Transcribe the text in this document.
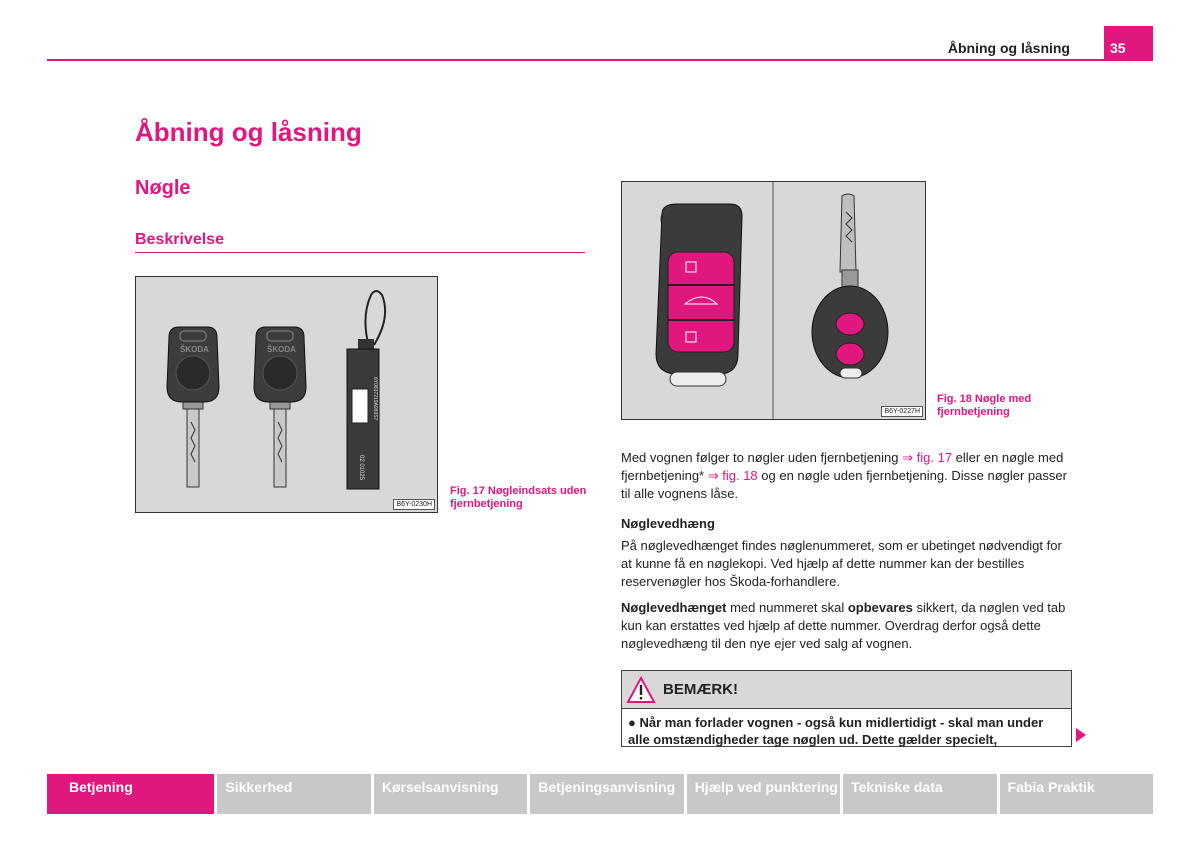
Åbning og låsning	35
Åbning og låsning
Nøgle
Beskrivelse
ŠKODA	ŠKODA
6Y0837219A983S7
02 01025
B6Y-0230H
Fig. 17 Nøgleindsats uden fjernbetjening
B6Y-0227H
Fig. 18 Nøgle med fjernbetjening
Med vognen følger to nøgler uden fjernbetjening ⇒ fig. 17 eller en nøgle med fjernbetjening* ⇒ fig. 18 og en nøgle uden fjernbetjening. Disse nøgler passer til alle vognens låse.
Nøglevedhæng
På nøglevedhænget findes nøglenummeret, som er ubetinget nødvendigt for at kunne få en nøglekopi. Ved hjælp af dette nummer kan der bestilles reservenøgler hos Škoda-forhandlere.
Nøglevedhænget med nummeret skal opbevares sikkert, da nøglen ved tab kun kan erstattes ved hjælp af dette nummer. Overdrag derfor også dette nøglevedhæng til den nye ejer ved salg af vognen.
BEMÆRK!
● Når man forlader vognen - også kun midlertidigt - skal man under alle omstændigheder tage nøglen ud. Dette gælder specielt,
Betjening	Sikkerhed	Kørselsanvisning	Betjeningsanvisning	Hjælp ved punktering Tekniske data	Fabia Praktik
